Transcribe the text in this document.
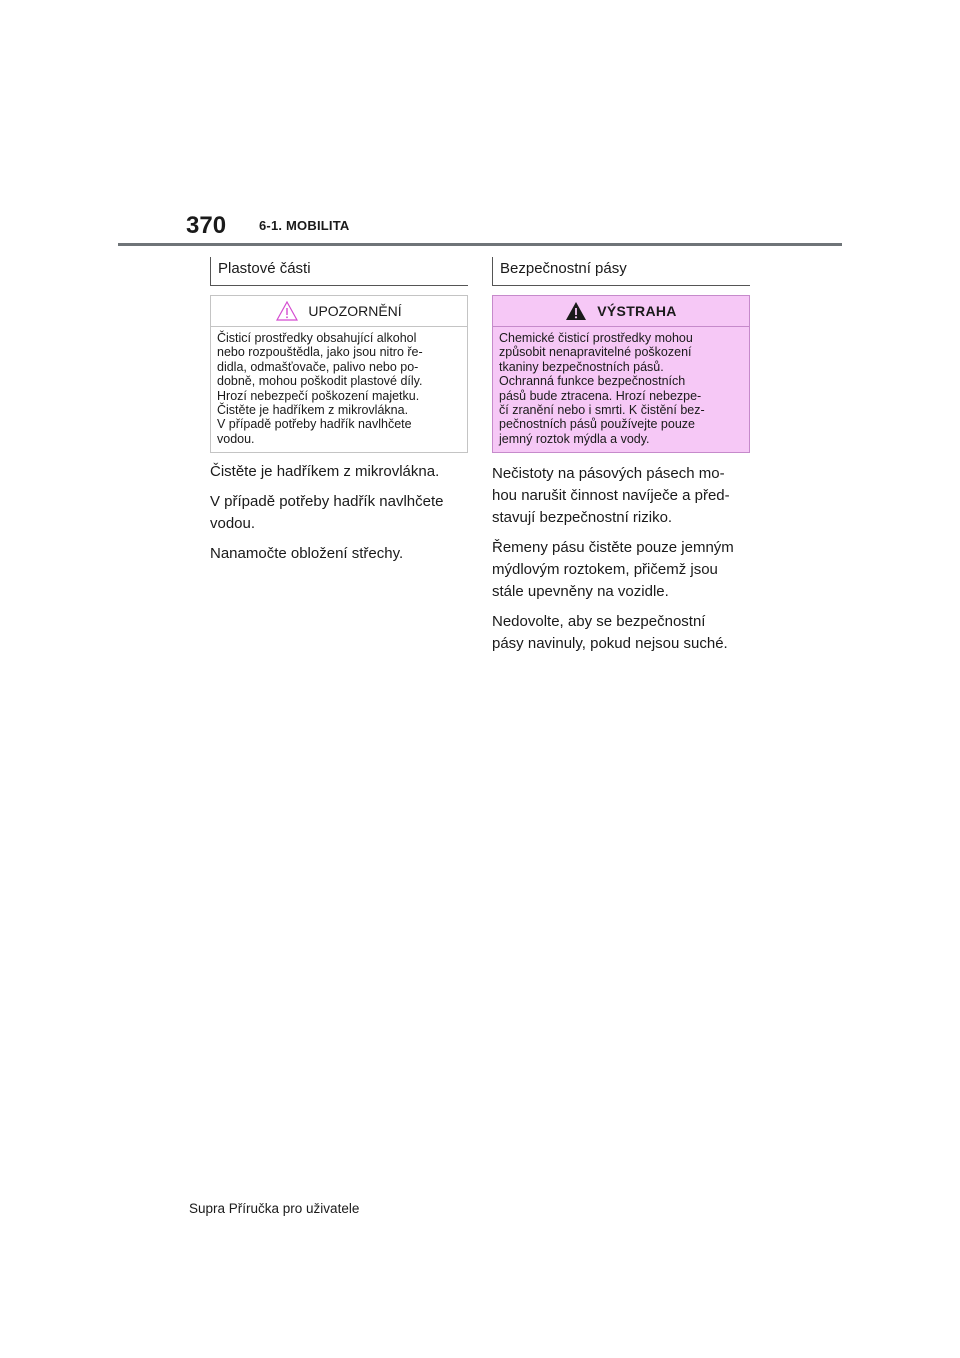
370	6-1. MOBILITA
Plastové části
UPOZORNĚNÍ
Čisticí prostředky obsahující alkohol
nebo rozpouštědla, jako jsou nitro ře-
didla, odmašťovače, palivo nebo po-
dobně, mohou poškodit plastové díly.
Hrozí nebezpečí poškození majetku.
Čistěte je hadříkem z mikrovlákna.
V případě potřeby hadřík navlhčete
vodou.
Čistěte je hadříkem z mikrovlákna.
V případě potřeby hadřík navlhčete
vodou.
Nanamočte obložení střechy.
Bezpečnostní pásy
VÝSTRAHA
Chemické čisticí prostředky mohou
způsobit nenapravitelné poškození
tkaniny bezpečnostních pásů.
Ochranná funkce bezpečnostních
pásů bude ztracena. Hrozí nebezpe-
čí zranění nebo i smrti. K čistění bez-
pečnostních pásů používejte pouze
jemný roztok mýdla a vody.
Nečistoty na pásových pásech mo-
hou narušit činnost navíječe a před-
stavují bezpečnostní riziko.
Řemeny pásu čistěte pouze jemným
mýdlovým roztokem, přičemž jsou
stále upevněny na vozidle.
Nedovolte, aby se bezpečnostní
pásy navinuly, pokud nejsou suché.
Supra Příručka pro uživatele
